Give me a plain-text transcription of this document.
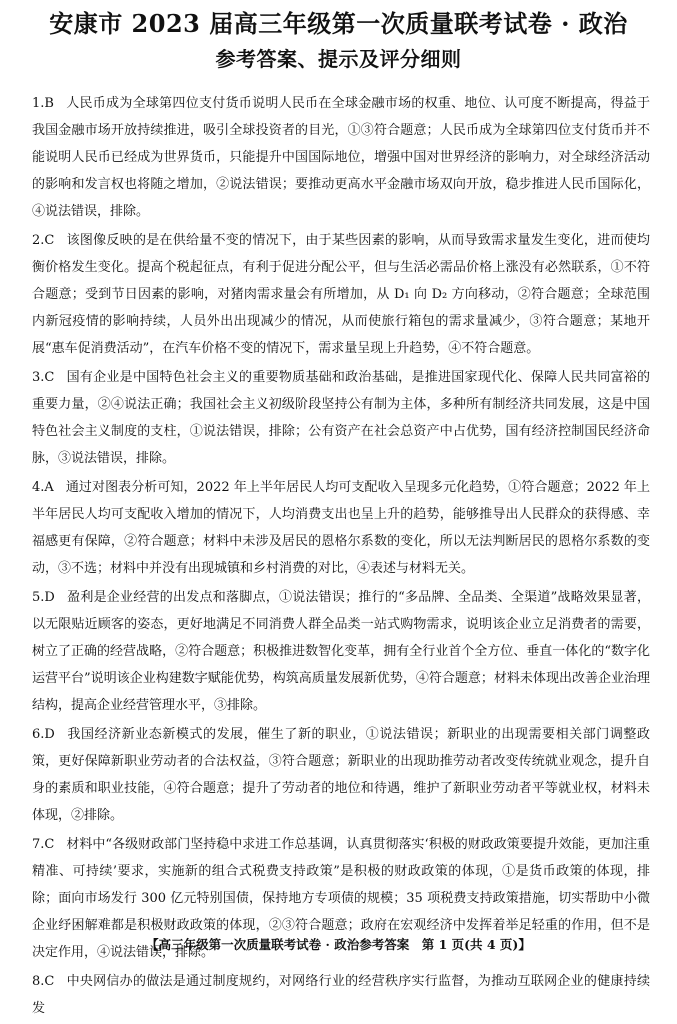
安康市 2023 届高三年级第一次质量联考试卷 · 政治
参考答案、提示及评分细则

1.B 人民币成为全球第四位支付货币说明人民币在全球金融市场的权重、地位、认可度不断提高，得益于我国金融市场开放持续推进，吸引全球投资者的目光，①③符合题意；人民币成为全球第四位支付货币并不能说明人民币已经成为世界货币，只能提升中国国际地位，增强中国对世界经济的影响力，对全球经济活动的影响和发言权也将随之增加，②说法错误；要推动更高水平金融市场双向开放，稳步推进人民币国际化，④说法错误，排除。

2.C 该图像反映的是在供给量不变的情况下，由于某些因素的影响，从而导致需求量发生变化，进而使均衡价格发生变化。提高个税起征点，有利于促进分配公平，但与生活必需品价格上涨没有必然联系，①不符合题意；受到节日因素的影响，对猪肉需求量会有所增加，从 D₁ 向 D₂ 方向移动，②符合题意；全球范围内新冠疫情的影响持续，人员外出出现减少的情况，从而使旅行箱包的需求量减少，③符合题意；某地开展“惠车促消费活动”，在汽车价格不变的情况下，需求量呈现上升趋势，④不符合题意。

3.C 国有企业是中国特色社会主义的重要物质基础和政治基础，是推进国家现代化、保障人民共同富裕的重要力量，②④说法正确；我国社会主义初级阶段坚持公有制为主体，多种所有制经济共同发展，这是中国特色社会主义制度的支柱，①说法错误，排除；公有资产在社会总资产中占优势，国有经济控制国民经济命脉，③说法错误，排除。

4.A 通过对图表分析可知，2022 年上半年居民人均可支配收入呈现多元化趋势，①符合题意；2022 年上半年居民人均可支配收入增加的情况下，人均消费支出也呈上升的趋势，能够推导出人民群众的获得感、幸福感更有保障，②符合题意；材料中未涉及居民的恩格尔系数的变化，所以无法判断居民的恩格尔系数的变动，③不选；材料中并没有出现城镇和乡村消费的对比，④表述与材料无关。

5.D 盈利是企业经营的出发点和落脚点，①说法错误；推行的“多品牌、全品类、全渠道”战略效果显著，以无限贴近顾客的姿态，更好地满足不同消费人群全品类一站式购物需求，说明该企业立足消费者的需要，树立了正确的经营战略，②符合题意；积极推进数智化变革，拥有全行业首个全方位、垂直一体化的“数字化运营平台”说明该企业构建数字赋能优势，构筑高质量发展新优势，④符合题意；材料未体现出改善企业治理结构，提高企业经营管理水平，③排除。

6.D 我国经济新业态新模式的发展，催生了新的职业，①说法错误；新职业的出现需要相关部门调整政策，更好保障新职业劳动者的合法权益，③符合题意；新职业的出现助推劳动者改变传统就业观念，提升自身的素质和职业技能，④符合题意；提升了劳动者的地位和待遇，维护了新职业劳动者平等就业权，材料未体现，②排除。

7.C 材料中“各级财政部门坚持稳中求进工作总基调，认真贯彻落实‘积极的财政政策要提升效能，更加注重精准、可持续’要求，实施新的组合式税费支持政策”是积极的财政政策的体现，①是货币政策的体现，排除；面向市场发行 300 亿元特别国债，保持地方专项债的规模；35 项税费支持政策措施，切实帮助中小微企业纾困解难都是积极财政政策的体现，②③符合题意；政府在宏观经济中发挥着举足轻重的作用，但不是决定作用，④说法错误，排除。

8.C 中央网信办的做法是通过制度规约，对网络行业的经营秩序实行监督，为推动互联网企业的健康持续发

【高三年级第一次质量联考试卷 · 政治参考答案　第 1 页(共 4 页)】
